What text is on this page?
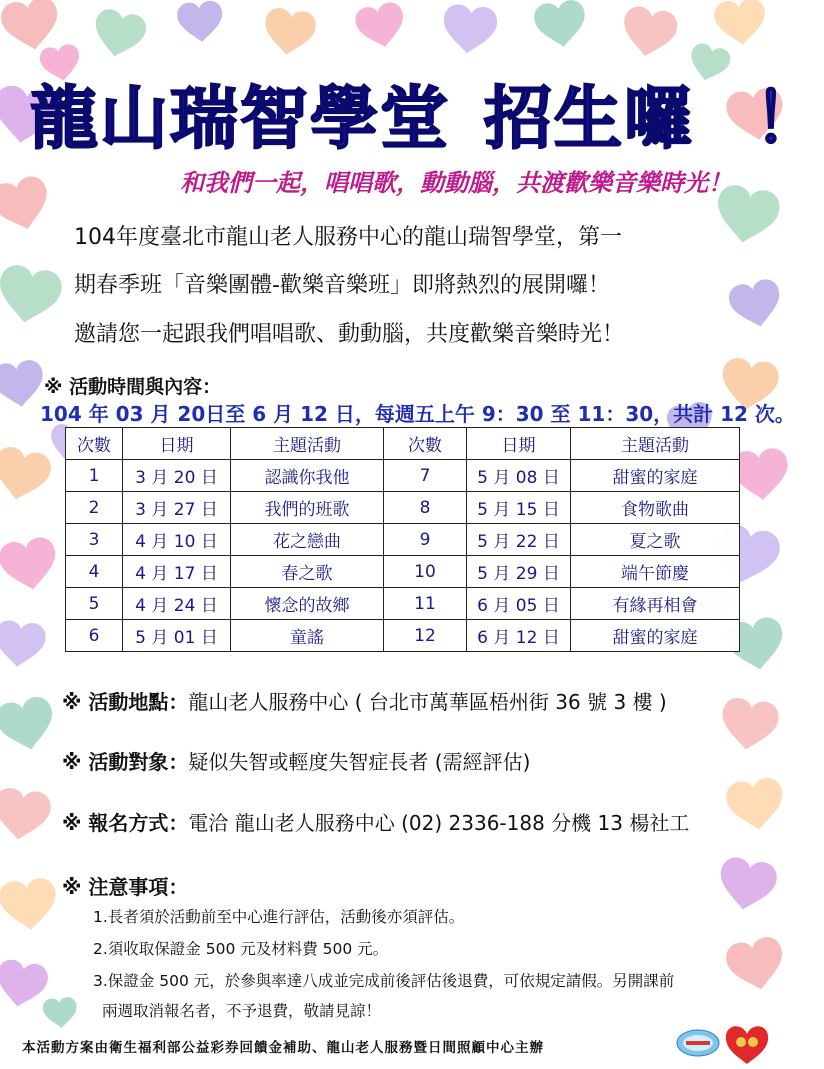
龍山瑞智學堂 招生囉 ！
和我們一起，唱唱歌，動動腦，共渡歡樂音樂時光！
104年度臺北市龍山老人服務中心的龍山瑞智學堂，第一
期春季班「音樂團體-歡樂音樂班」即將熱烈的展開囉！
邀請您一起跟我們唱唱歌、動動腦，共度歡樂音樂時光！
※ 活動時間與內容：
104 年 03 月 20日至 6 月 12 日，每週五上午 9：30 至 11：30，共計 12 次。
次數	日期	主題活動	次數	日期	主題活動
1	3 月 20 日	認識你我他	7	5 月 08 日	甜蜜的家庭
2	3 月 27 日	我們的班歌	8	5 月 15 日	食物歌曲
3	4 月 10 日	花之戀曲	9	5 月 22 日	夏之歌
4	4 月 17 日	春之歌	10	5 月 29 日	端午節慶
5	4 月 24 日	懷念的故鄉	11	6 月 05 日	有緣再相會
6	5 月 01 日	童謠	12	6 月 12 日	甜蜜的家庭
※ 活動地點：龍山老人服務中心 ( 台北市萬華區梧州街 36 號 3 樓 )
※ 活動對象：疑似失智或輕度失智症長者 (需經評估)
※ 報名方式：電洽 龍山老人服務中心 (02) 2336-188 分機 13 楊社工
※ 注意事項：
1.長者須於活動前至中心進行評估，活動後亦須評估。
2.須收取保證金 500 元及材料費 500 元。
3.保證金 500 元，於參與率達八成並完成前後評估後退費，可依規定請假。另開課前
兩週取消報名者，不予退費，敬請見諒！
本活動方案由衛生福利部公益彩券回饋金補助、龍山老人服務暨日間照顧中心主辦
